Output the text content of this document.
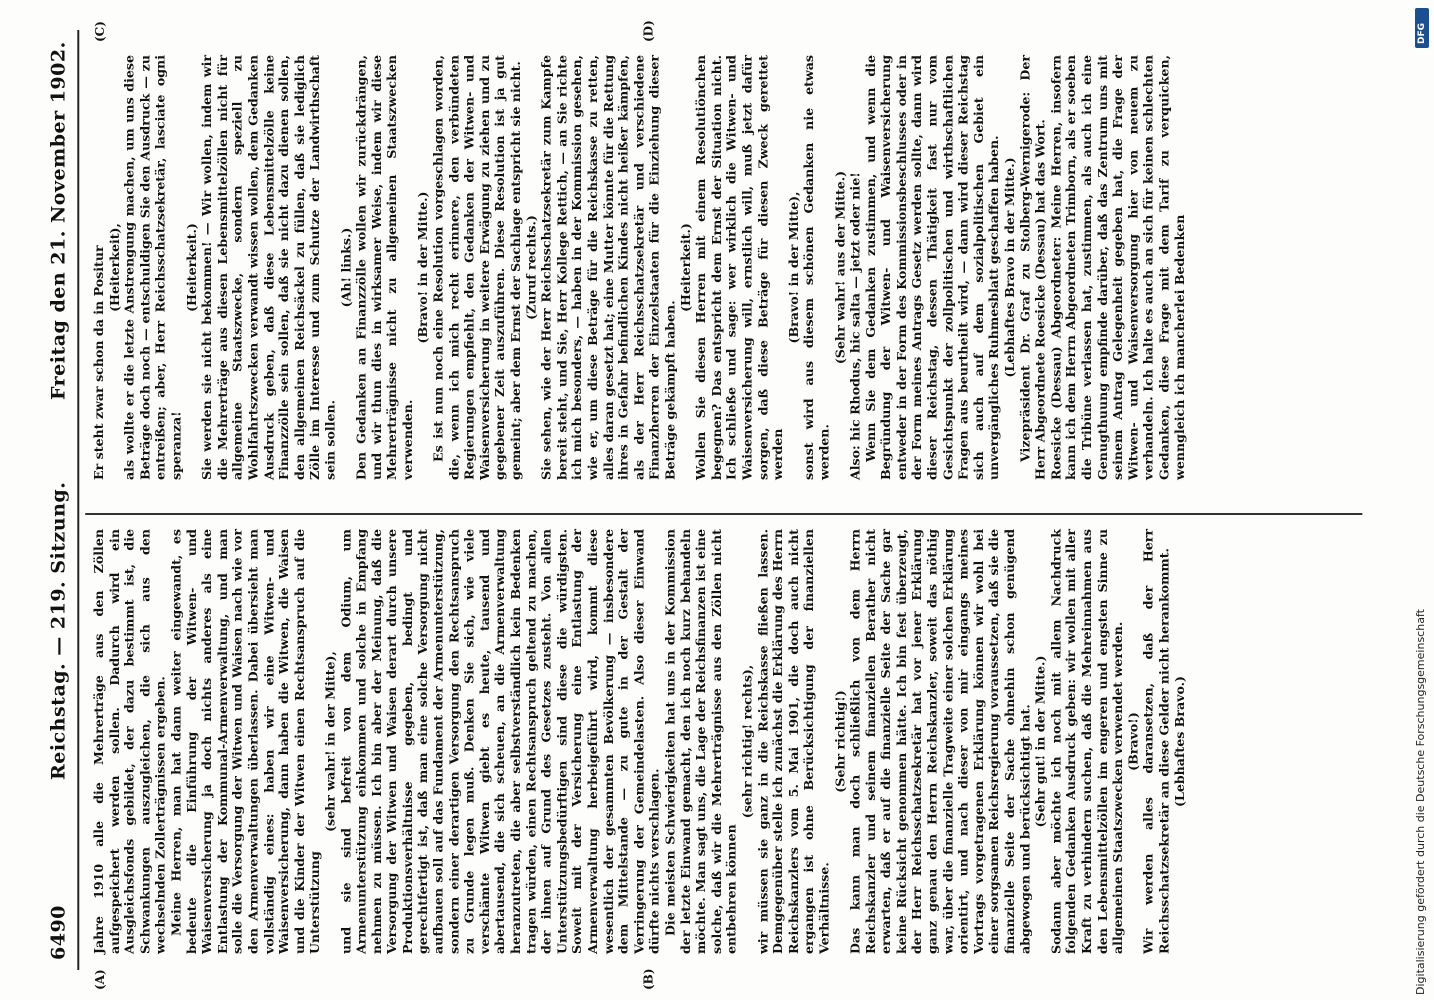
6490
Reichstag. — 219. Sitzung.
Freitag den 21. November 1902.
(A)	(B)
(C)	(D)

Jahre 1910 alle die Mehrerträge aus den Zöllen aufgespeichert werden sollen. Dadurch wird ein Ausgleichsfonds gebildet, der dazu bestimmt ist, die Schwankungen auszugleichen, die sich aus den wechselnden Zollerträgnissen ergeben. Meine Herren, man hat dann weiter eingewandt, es bedeute die Einführung der Witwen- und Waisenversicherung ja doch nichts anderes als eine Entlastung der Kommunal-Armenverwaltung, und man solle die Versorgung der Witwen und Waisen nach wie vor den Armenverwaltungen überlassen. Dabei übersieht man vollständig eines: haben wir eine Witwen- und Waisenversicherung, dann haben die Witwen, die Waisen und die Kinder der Witwen einen Rechtsanspruch auf die Unterstützung

(sehr wahr! in der Mitte), und sie sind befreit von dem Odium, um Armenunterstützung einkommen und solche in Empfang nehmen zu müssen. Ich bin aber der Meinung, daß die Versorgung der Witwen und Waisen derart durch unsere Produktionsverhältnisse gegeben, bedingt und gerechtfertigt ist, daß man eine solche Versorgung nicht aufbauen soll auf das Fundament der Armenunterstützung, sondern einer derartigen Versorgung den Rechtsanspruch zu Grunde legen muß. Denken Sie sich, wie viele verschämte Witwen giebt es heute, tausend und abertausend, die sich scheuen, an die Armenverwaltung heranzutreten, die aber selbstverständlich kein Bedenken tragen würden, einen Rechtsanspruch geltend zu machen, der ihnen auf Grund des Gesetzes zusteht. Von allen Unterstützungsbedürftigen sind diese die würdigsten. Soweit mit der Versicherung eine Entlastung der Armenverwaltung herbeigeführt wird, kommt diese wesentlich der gesammten Bevölkerung — insbesondere dem Mittelstande — zu gute in der Gestalt der Verringerung der Gemeindelasten. Also dieser Einwand dürfte nichts verschlagen. Die meisten Schwierigkeiten hat uns in der Kommission der letzte Einwand gemacht, den ich noch kurz behandeln möchte. Man sagt uns, die Lage der Reichsfinanzen ist eine solche, daß wir die Mehrerträgnisse aus den Zöllen nicht entbehren können

(sehr richtig! rechts), wir müssen sie ganz in die Reichskasse fließen lassen. Demgegenüber stelle ich zunächst die Erklärung des Herrn Reichskanzlers vom 5. Mai 1901, die doch auch nicht ergangen ist ohne Berücksichtigung der finanziellen Verhältnisse.

(Sehr richtig!) Das kann man doch schließlich von dem Herrn Reichskanzler und seinem finanziellen Berather nicht erwarten, daß er auf die finanzielle Seite der Sache gar keine Rücksicht genommen hätte. Ich bin fest überzeugt, der Herr Reichsschatzsekretär hat vor jener Erklärung ganz genau den Herrn Reichskanzler, soweit das nöthig war, über die finanzielle Tragweite einer solchen Erklärung orientirt, und nach dieser von mir eingangs meines Vortrags vorgetragenen Erklärung können wir wohl bei einer sorgsamen Reichsregierung voraussetzen, daß sie die finanzielle Seite der Sache ohnehin schon genügend abgewogen und berücksichtigt hat. (Sehr gut! in der Mitte.) Sodann aber möchte ich noch mit allem Nachdruck folgenden Gedanken Ausdruck geben: wir wollen mit aller Kraft zu verhindern suchen, daß die Mehreinnahmen aus den Lebensmittelzöllen im engeren und engsten Sinne zu allgemeinen Staatszwecken verwendet werden. (Bravo!) Wir werden alles daransetzen, daß der Herr Reichsschatzsekretär an diese Gelder nicht herankommt. (Lebhaftes Bravo.)

Er steht zwar schon da in Positur (Heiterkeit), als wollte er die letzte Anstrengung machen, um uns diese Beträge doch noch — entschuldigen Sie den Ausdruck — zu entreißen; aber, Herr Reichsschatzsekretär, lasciate ogni speranza!

(Heiterkeit.) Sie werden sie nicht bekommen! — Wir wollen, indem wir die Mehrerträge aus diesen Lebensmittelzöllen nicht für allgemeine Staatszwecke, sondern speziell zu Wohlfahrtszwecken verwandt wissen wollen, dem Gedanken Ausdruck geben, daß diese Lebensmittelzölle keine Finanzzölle sein sollen, daß sie nicht dazu dienen sollen, den allgemeinen Reichsäckel zu füllen, daß sie lediglich Zölle im Interesse und zum Schutze der Landwirthschaft sein sollen.

(Ah! links.) Den Gedanken an Finanzzölle wollen wir zurückdrängen, und wir thun dies in wirksamer Weise, indem wir diese Mehrerträgnisse nicht zu allgemeinen Staatszwecken verwenden.

(Bravo! in der Mitte.) Es ist nun noch eine Resolution vorgeschlagen worden, die, wenn ich mich recht erinnere, den verbündeten Regierungen empfiehlt, den Gedanken der Witwen- und Waisenversicherung in weitere Erwägung zu ziehen und zu gegebener Zeit auszuführen. Diese Resolution ist ja gut gemeint; aber dem Ernst der Sachlage entspricht sie nicht. (Zuruf rechts.) Sie sehen, wie der Herr Reichsschatzsekretär zum Kampfe bereit steht, und Sie, Herr Kollege Rettich, — an Sie richte ich mich besonders, — haben in der Kommission gesehen, wie er, um diese Beträge für die Reichskasse zu retten, alles daran gesetzt hat; eine Mutter könnte für die Rettung ihres in Gefahr befindlichen Kindes nicht heißer kämpfen, als der Herr Reichsschatzsekretär und verschiedene Finanzherren der Einzelstaaten für die Einziehung dieser Beträge gekämpft haben.

(Heiterkeit.) Wollen Sie diesen Herren mit einem Resolutiönchen begegnen? Das entspricht dem Ernst der Situation nicht. Ich schließe und sage: wer wirklich die Witwen- und Waisenversicherung will, ernstlich will, muß jetzt dafür sorgen, daß diese Beträge für diesen Zweck gerettet werden

(Bravo! in der Mitte), sonst wird aus diesem schönen Gedanken nie etwas werden.

(Sehr wahr! aus der Mitte.) Also: hic Rhodus, hic salta — jetzt oder nie! Wenn Sie dem Gedanken zustimmen, und wenn die Begründung der Witwen- und Waisenversicherung entweder in der Form des Kommissionsbeschlusses oder in der Form meines Antrags Gesetz werden sollte, dann wird dieser Reichstag, dessen Thätigkeit fast nur vom Gesichtspunkt der zollpolitischen und wirthschaftlichen Fragen aus beurtheilt wird, — dann wird dieser Reichstag sich auch auf dem sozialpolitischen Gebiet ein unvergängliches Ruhmesblatt geschaffen haben. (Lebhaftes Bravo in der Mitte.) Vizepräsident Dr. Graf zu Stolberg-Wernigerode: Der Herr Abgeordnete Roesicke (Dessau) hat das Wort. Roesicke (Dessau) Abgeordneter: Meine Herren, insofern kann ich dem Herrn Abgeordneten Trimborn, als er soeben die Tribüne verlassen hat, zustimmen, als auch ich eine Genugthuung empfinde darüber, daß das Zentrum uns mit seinem Antrag Gelegenheit gegeben hat, die Frage der Witwen- und Waisenversorgung hier von neuem zu verhandeln. Ich halte es auch an sich für keinen schlechten Gedanken, diese Frage mit dem Tarif zu verquicken, wenngleich ich mancherlei Bedenken

Digitalisierung gefördert durch die Deutsche Forschungsgemeinschaft
DFG
